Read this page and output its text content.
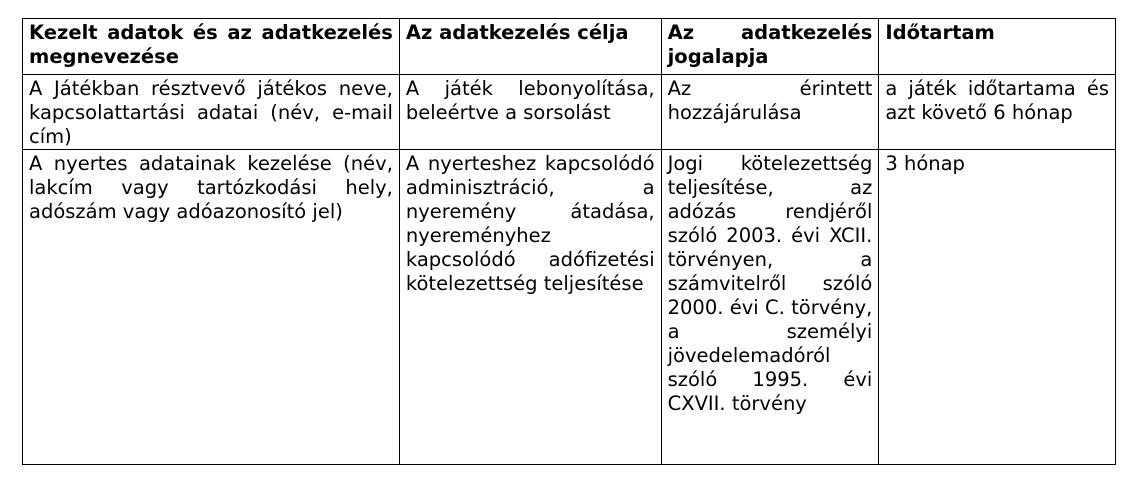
Kezelt adatok és az adatkezelés megnevezése	Az adatkezelés célja	Az adatkezelés jogalapja	Időtartam
A Játékban résztvevő játékos neve, kapcsolattartási adatai (név, e-mail cím)	A játék lebonyolítása, beleértve a sorsolást	Az érintett hozzájárulása	a játék időtartama és azt követő 6 hónap
A nyertes adatainak kezelése (név, lakcím vagy tartózkodási hely, adószám vagy adóazonosító jel)	A nyerteshez kapcsolódó adminisztráció, a nyeremény átadása, nyereményhez kapcsolódó adófizetési kötelezettség teljesítése	Jogi kötelezettség teljesítése, az adózás rendjéről szóló 2003. évi XCII. törvényen, a számvitelről szóló 2000. évi C. törvény, a személyi jövedelemadóról szóló 1995. évi CXVII. törvény	3 hónap
